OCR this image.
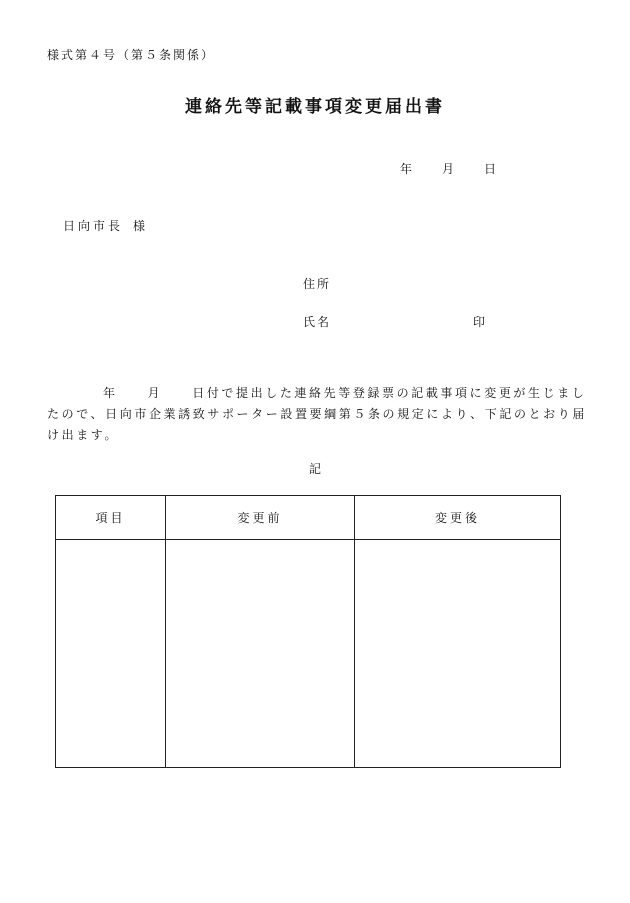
様式第４号（第５条関係）
連絡先等記載事項変更届出書
年	月	日
日向市長 様
住所
氏名	印
年	月	日付で提出した連絡先等登録票の記載事項に変更が生じまし
たので、日向市企業誘致サポーター設置要綱第５条の規定により、下記のとおり届
け出ます。
記
項目	変更前	変更後
